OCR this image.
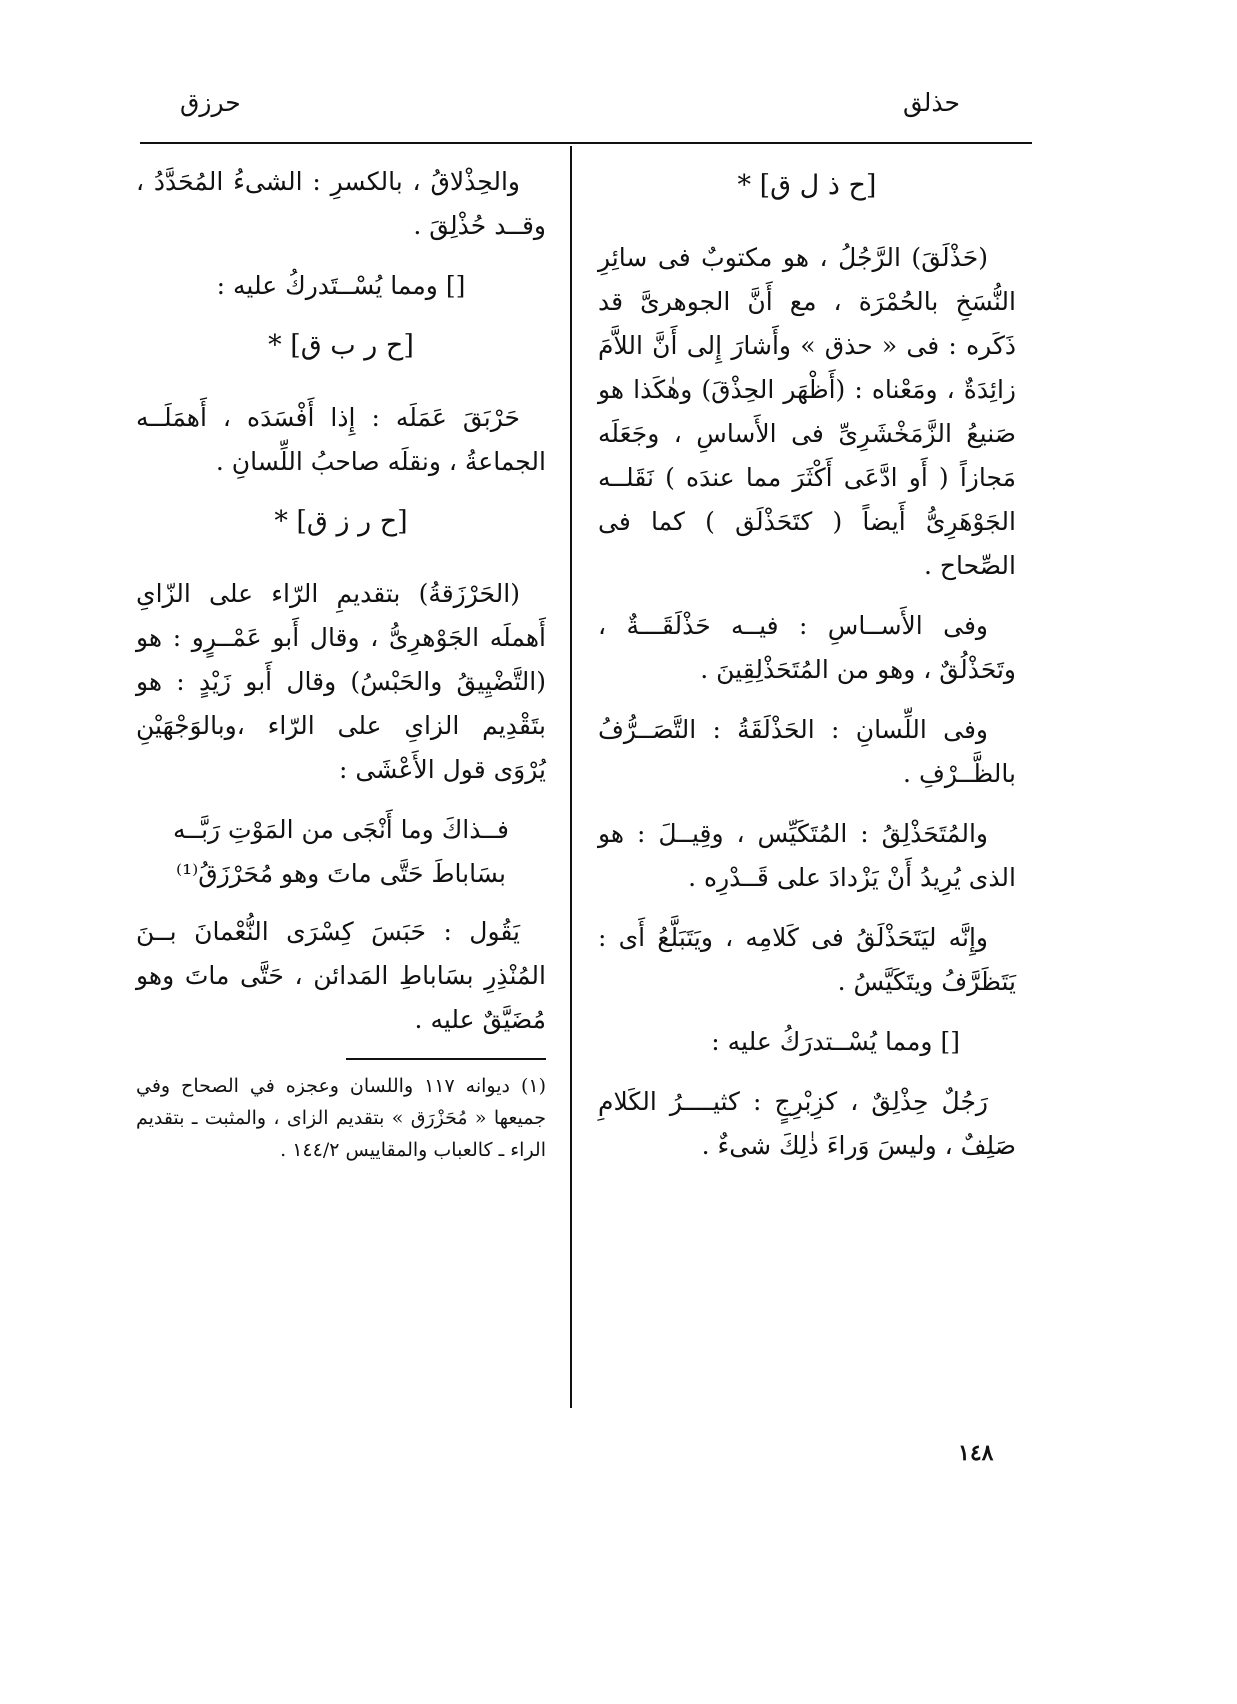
حذلق
حرزق
[ح ذ ل ق] *

(حَذْلَقَ) الرَّجُلُ ، هو مكتوبٌ فى سائِرِ النُّسَخِ بالحُمْرَة ، مع أَنَّ الجوهرىَّ قد ذَكَره : فى « حذق » وأَشارَ إِلى أَنَّ اللاَّمَ زائِدَةٌ ، ومَعْناه : (أَظْهَر الحِذْقَ) وهٰكَذا هو صَنيعُ الزَّمَخْشَرِىِّ فى الأَساسِ ، وجَعَلَه مَجازاً ( أَو ادَّعَى أَكْثَرَ مما عندَه ) نَقَلــه الجَوْهَرِىُّ أَيضاً ( كتَحَذْلَق ) كما فى الصِّحاح .

وفى الأَســاسِ : فيــه حَذْلَقَـــةٌ ، وتَحَذْلُقٌ ، وهو من المُتَحَذْلِقِينَ .

وفى اللِّسانِ : الحَذْلَقَةُ : التَّصَــرُّفُ بالظَّــرْفِ .

والمُتَحَذْلِقُ : المُتَكَيِّس ، وقِيــلَ : هو الذى يُرِيدُ أَنْ يَزْدادَ على قَــدْرِه .

وإِنَّه ليَتَحَذْلَقُ فى كَلامِه ، ويَتَبَلَّعُ أَى : يَتَظَرَّفُ ويتَكَيَّسُ .

[]ومما يُسْــتدرَكُ عليه :

رَجُلٌ حِذْلِقٌ ، كزِبْرِجٍ : كثيــــرُ الكَلامِ صَلِفٌ ، وليسَ وَراءَ ذٰلِكَ شىءٌ .

والحِذْلاقُ ، بالكسرِ : الشىءُ المُحَدَّدُ ، وقــد حُذْلِقَ .

[]ومما يُسْــتَدركُ عليه :

[ح ر ب ق] *

حَرْبَقَ عَمَلَه : إِذا أَفْسَدَه ، أَهمَلَــه الجماعةُ ، ونقلَه صاحبُ اللِّسانِ .

[ح ر ز ق] *

(الحَرْزَقةُ) بتقديمِ الرّاء على الزّاىِ أَهملَه الجَوْهرِىُّ ، وقال أَبو عَمْــرٍو : هو (التَّضْيِيقُ والحَبْسُ) وقال أَبو زَيْدٍ : هو بتَقْدِيم الزاىِ على الرّاء ،وبالوَجْهَيْنِ يُرْوَى قول الأَعْشَى :

فــذاكَ وما أَنْجَى من المَوْتِ رَبَّــه
بسَاباطَ حَتَّى ماتَ وهو مُحَرْزَقُ⁽¹⁾

يَقُول : حَبَسَ كِسْرَى النُّعْمانَ بــنَ المُنْذِرِ بسَاباطِ المَدائن ، حَتَّى ماتَ وهو مُضَيَّقٌ عليه .

(١) ديوانه ١١٧ واللسان وعجزه في الصحاح وفي جميعها « مُحَزْرَق » بتقديم الزاى ، والمثبت ـ بتقديم الراء ـ كالعباب والمقاييس ١٤٤/٢ .

١٤٨
